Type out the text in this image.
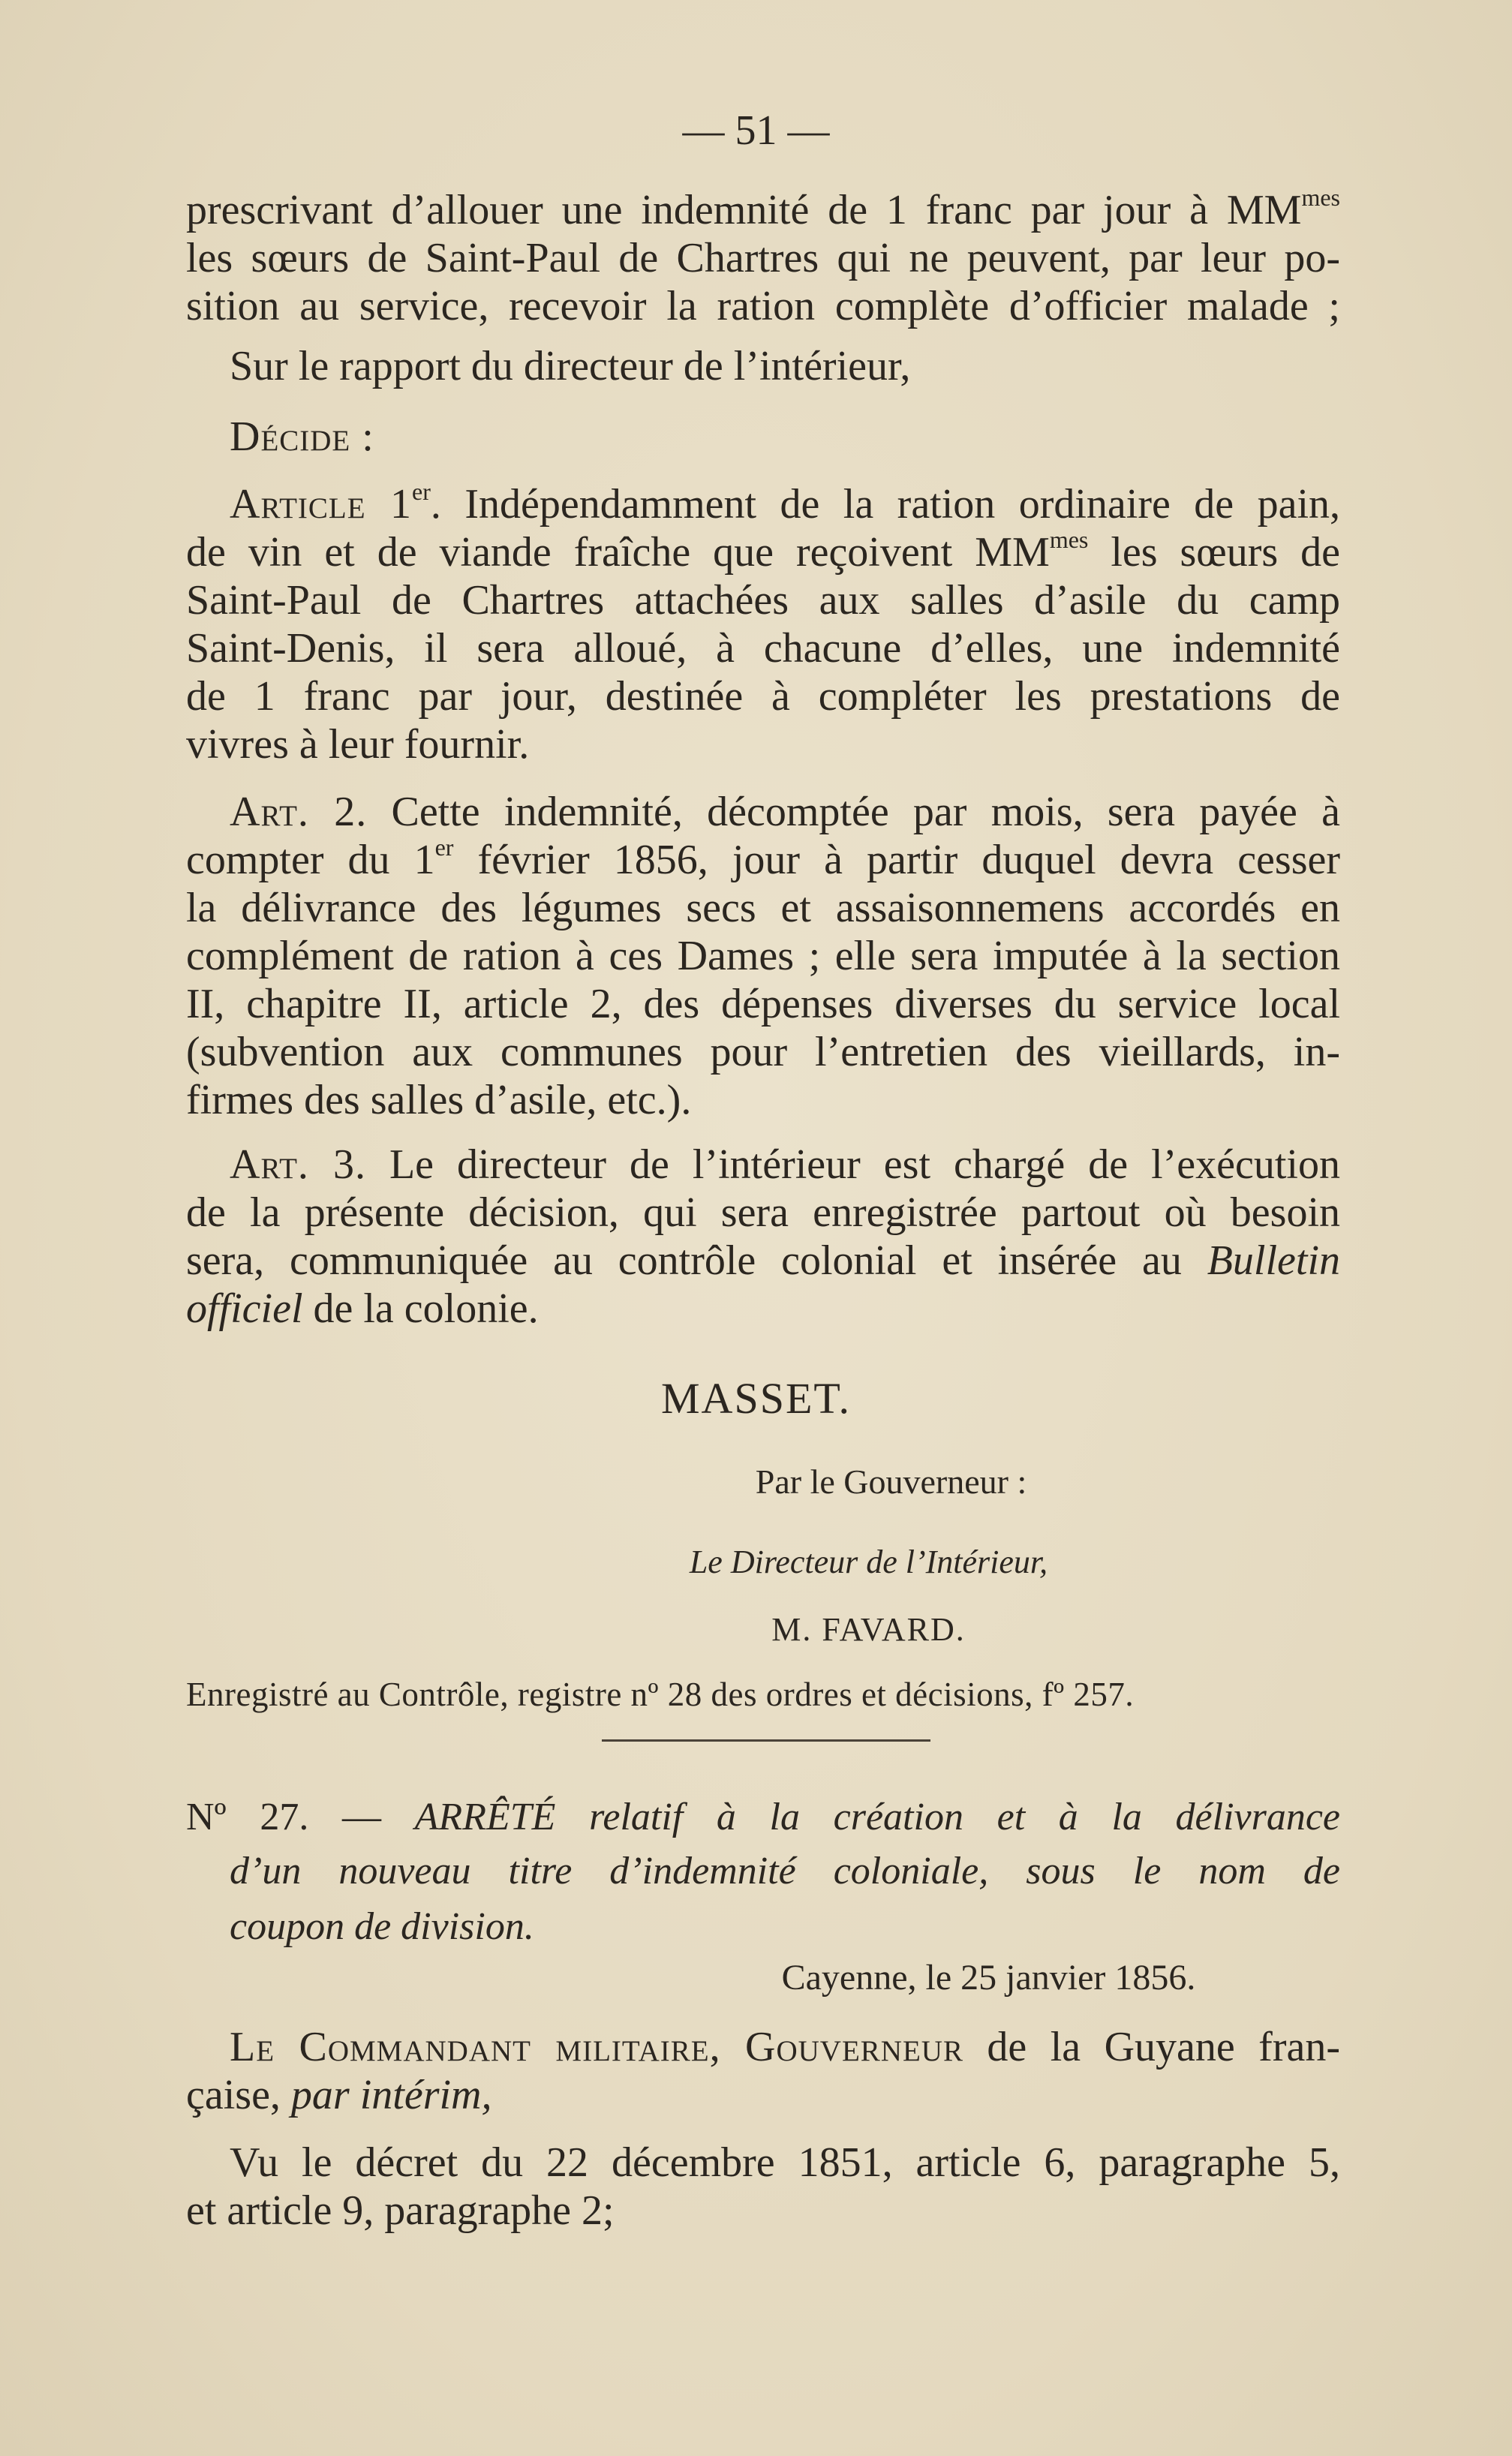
— 51 —
prescrivant d’allouer une indemnité de 1 franc par jour à $MM^{mes}$
les sœurs de Saint-Paul de Chartres qui ne peuvent, par leur po-
sition au service, recevoir la ration complète d’officier malade ;
Sur le rapport du directeur de l’intérieur,
Décide :
Article 1er. Indépendamment de la ration ordinaire de pain,
de vin et de viande fraîche que reçoivent $MM^{mes}$ les sœurs de
Saint-Paul de Chartres attachées aux salles d’asile du camp
Saint-Denis, il sera alloué, à chacune d’elles, une indemnité
de 1 franc par jour, destinée à compléter les prestations de
vivres à leur fournir.
Art. 2. Cette indemnité, décomptée par mois, sera payée à
compter du 1er février 1856, jour à partir duquel devra cesser
la délivrance des légumes secs et assaisonnemens accordés en
complément de ration à ces Dames ; elle sera imputée à la section
II, chapitre II, article 2, des dépenses diverses du service local
(subvention aux communes pour l’entretien des vieillards, in-
firmes des salles d’asile, etc.).
Art. 3. Le directeur de l’intérieur est chargé de l’exécution
de la présente décision, qui sera enregistrée partout où besoin
sera, communiquée au contrôle colonial et insérée au Bulletin
officiel de la colonie.
MASSET.
Par le Gouverneur :
Le Directeur de l’Intérieur,
M. FAVARD.
Enregistré au Contrôle, registre nº 28 des ordres et décisions, fº 257.
Nº 27. — ARRÊTÉ relatif à la création et à la délivrance
d’un nouveau titre d’indemnité coloniale, sous le nom de
coupon de division.
Cayenne, le 25 janvier 1856.
Le Commandant militaire, Gouverneur de la Guyane fran-
çaise, par intérim,
Vu le décret du 22 décembre 1851, article 6, paragraphe 5,
et article 9, paragraphe 2;
